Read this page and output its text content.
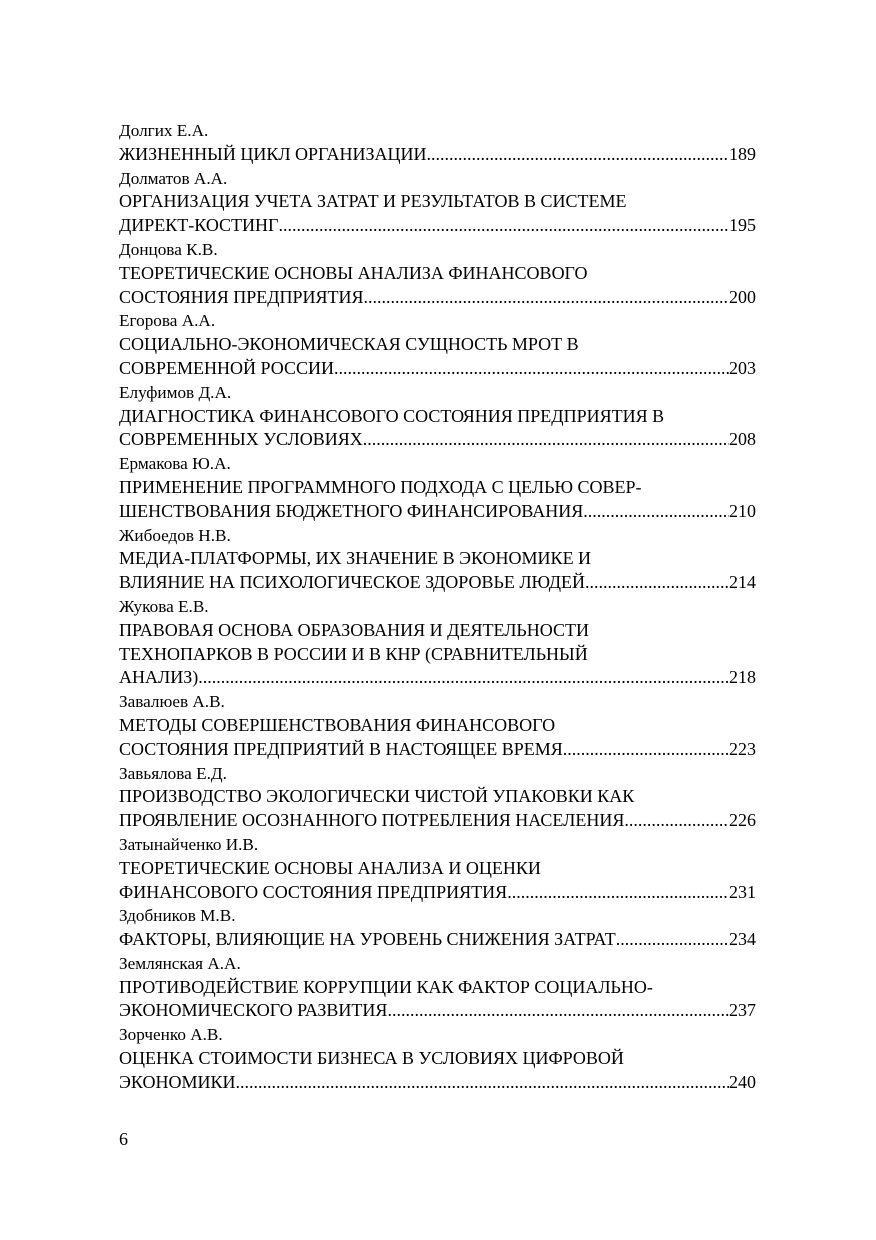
Долгих Е.А.
ЖИЗНЕННЫЙ ЦИКЛ ОРГАНИЗАЦИИ .....	189
Долматов А.А.
ОРГАНИЗАЦИЯ УЧЕТА ЗАТРАТ И РЕЗУЛЬТАТОВ В СИСТЕМЕ
ДИРЕКТ-КОСТИНГ .....	195
Донцова К.В.
ТЕОРЕТИЧЕСКИЕ ОСНОВЫ АНАЛИЗА ФИНАНСОВОГО
СОСТОЯНИЯ ПРЕДПРИЯТИЯ .....	200
Егорова А.А.
СОЦИАЛЬНО-ЭКОНОМИЧЕСКАЯ СУЩНОСТЬ МРОТ В
СОВРЕМЕННОЙ РОССИИ .....	203
Елуфимов Д.А.
ДИАГНОСТИКА ФИНАНСОВОГО СОСТОЯНИЯ ПРЕДПРИЯТИЯ В
СОВРЕМЕННЫХ УСЛОВИЯХ .....	208
Ермакова Ю.А.
ПРИМЕНЕНИЕ ПРОГРАММНОГО ПОДХОДА С ЦЕЛЬЮ СОВЕР-
ШЕНСТВОВАНИЯ БЮДЖЕТНОГО ФИНАНСИРОВАНИЯ .....	210
Жибоедов Н.В.
МЕДИА-ПЛАТФОРМЫ, ИХ ЗНАЧЕНИЕ В ЭКОНОМИКЕ И
ВЛИЯНИЕ НА ПСИХОЛОГИЧЕСКОЕ ЗДОРОВЬЕ ЛЮДЕЙ .....	214
Жукова Е.В.
ПРАВОВАЯ ОСНОВА ОБРАЗОВАНИЯ И ДЕЯТЕЛЬНОСТИ
ТЕХНОПАРКОВ В РОССИИ И В КНР (СРАВНИТЕЛЬНЫЙ
АНАЛИЗ) .....	218
Завалюев А.В.
МЕТОДЫ СОВЕРШЕНСТВОВАНИЯ ФИНАНСОВОГО
СОСТОЯНИЯ ПРЕДПРИЯТИЙ В НАСТОЯЩЕЕ ВРЕМЯ .....	223
Завьялова Е.Д.
ПРОИЗВОДСТВО ЭКОЛОГИЧЕСКИ ЧИСТОЙ УПАКОВКИ КАК
ПРОЯВЛЕНИЕ ОСОЗНАННОГО ПОТРЕБЛЕНИЯ НАСЕЛЕНИЯ .....	226
Затынайченко И.В.
ТЕОРЕТИЧЕСКИЕ ОСНОВЫ АНАЛИЗА И ОЦЕНКИ
ФИНАНСОВОГО СОСТОЯНИЯ ПРЕДПРИЯТИЯ .....	231
Здобников М.В.
ФАКТОРЫ, ВЛИЯЮЩИЕ НА УРОВЕНЬ СНИЖЕНИЯ ЗАТРАТ .....	234
Землянская А.А.
ПРОТИВОДЕЙСТВИЕ КОРРУПЦИИ КАК ФАКТОР СОЦИАЛЬНО-
ЭКОНОМИЧЕСКОГО РАЗВИТИЯ .....	237
Зорченко А.В.
ОЦЕНКА СТОИМОСТИ БИЗНЕСА В УСЛОВИЯХ ЦИФРОВОЙ
ЭКОНОМИКИ .....	240
6
